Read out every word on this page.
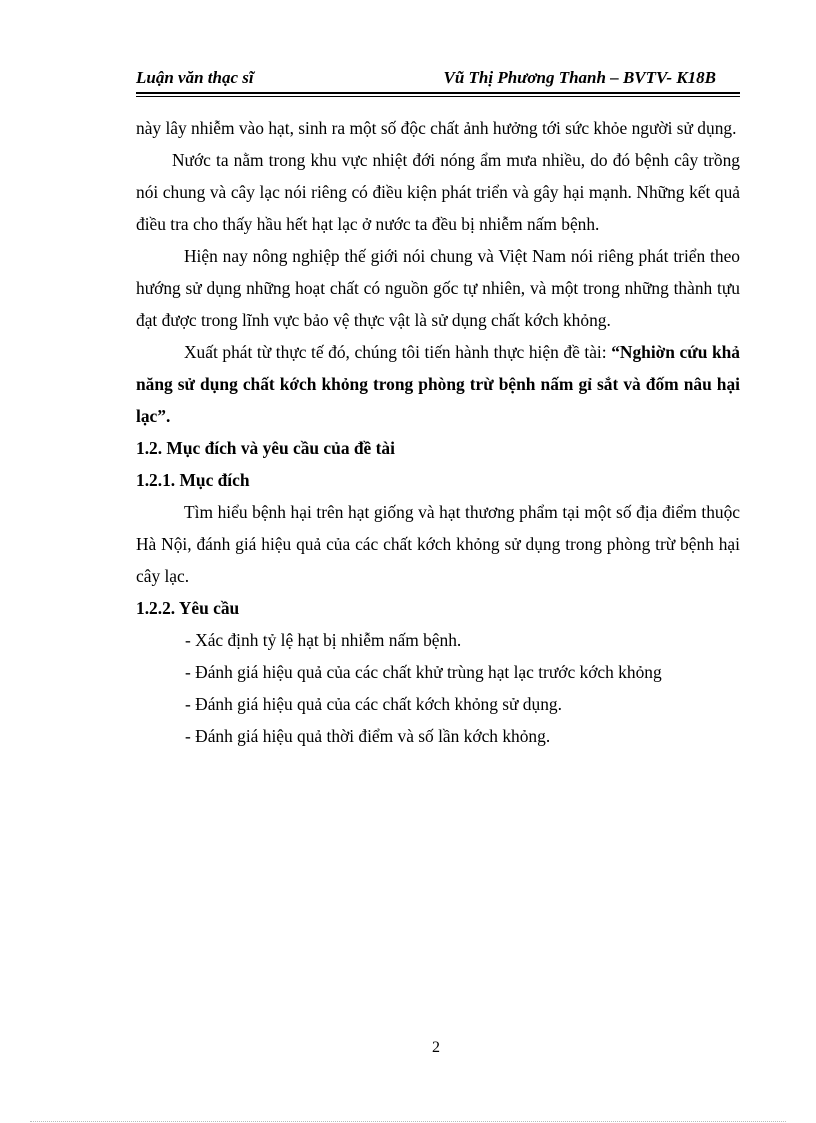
Luận văn thạc sĩ	Vũ Thị Phương Thanh – BVTV- K18B

này lây nhiễm vào hạt, sinh ra một số độc chất ảnh hưởng tới sức khỏe người sử dụng.

Nước ta nằm trong khu vực nhiệt đới nóng ẩm mưa nhiều, do đó bệnh cây trồng nói chung và cây lạc nói riêng có điều kiện phát triển và gây hại mạnh. Những kết quả điều tra cho thấy hầu hết hạt lạc ở nước ta đều bị nhiễm nấm bệnh.

Hiện nay nông nghiệp thế giới nói chung và Việt Nam nói riêng phát triển theo hướng sử dụng những hoạt chất có nguồn gốc tự nhiên, và một trong những thành tựu đạt được trong lĩnh vực bảo vệ thực vật là sử dụng chất kớch khỏng.

Xuất phát từ thực tế đó, chúng tôi tiến hành thực hiện đề tài: “Nghiờn cứu khả năng sử dụng chất kớch khỏng trong phòng trừ bệnh nấm gỉ sắt và đốm nâu hại lạc”.

1.2. Mục đích và yêu cầu của đề tài

1.2.1. Mục đích

Tìm hiểu bệnh hại trên hạt giống và hạt thương phẩm tại một số địa điểm thuộc Hà Nội, đánh giá hiệu quả của các chất kớch khỏng sử dụng trong phòng trừ bệnh hại cây lạc.

1.2.2. Yêu cầu

- Xác định tỷ lệ hạt bị nhiễm nấm bệnh.

- Đánh giá hiệu quả của các chất khử trùng hạt lạc trước kớch khỏng

- Đánh giá hiệu quả của các chất kớch khỏng sử dụng.

- Đánh giá hiệu quả thời điểm và số lần kớch khỏng.

2
